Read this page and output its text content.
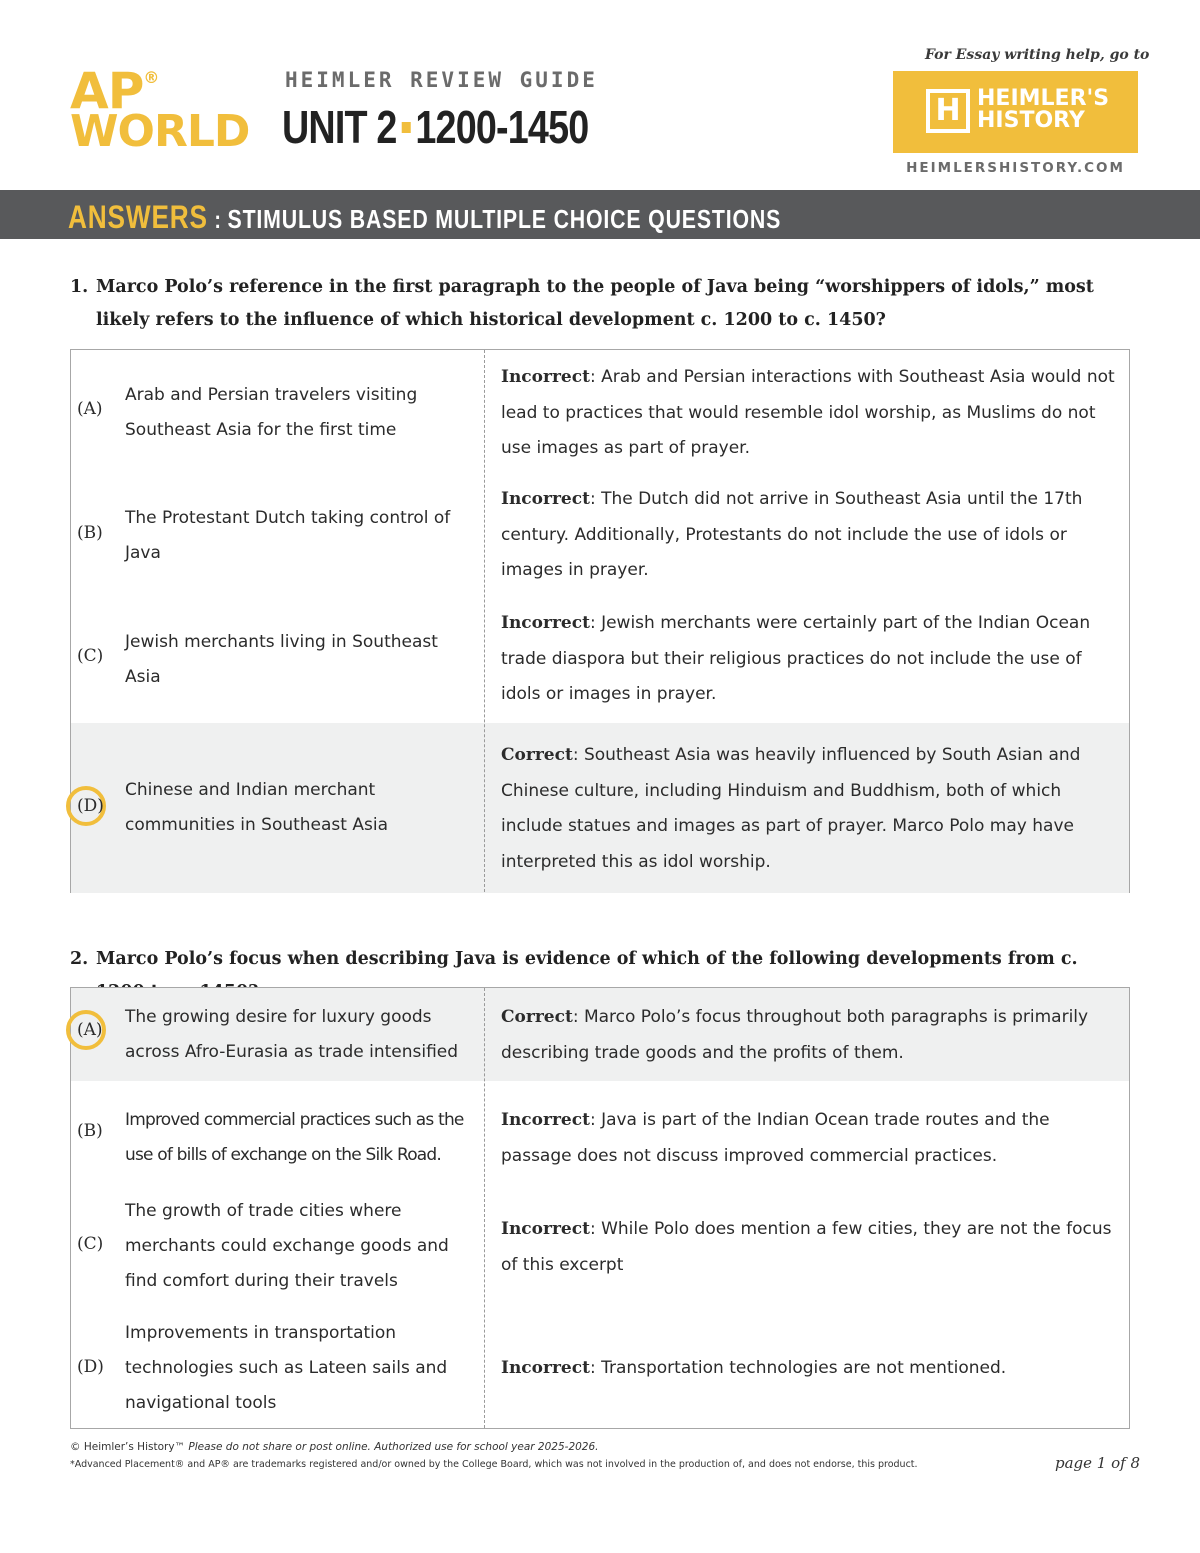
AP®
WORLD
HEIMLER REVIEW GUIDE
UNIT 2 1200-1450
For Essay writing help, go to
H HEIMLER'S
HISTORY
HEIMLERSHISTORY.COM
ANSWERS : STIMULUS BASED MULTIPLE CHOICE QUESTIONS
1. Marco Polo’s reference in the first paragraph to the people of Java being “worshippers of idols,” most likely refers to the influence of which historical development c. 1200 to c. 1450?
(A)
Arab and Persian travelers visiting Southeast Asia for the first time
Incorrect: Arab and Persian interactions with Southeast Asia would not lead to practices that would resemble idol worship, as Muslims do not use images as part of prayer.
(B)
The Protestant Dutch taking control of Java
Incorrect: The Dutch did not arrive in Southeast Asia until the 17th century. Additionally, Protestants do not include the use of idols or images in prayer.
(C)
Jewish merchants living in Southeast Asia
Incorrect: Jewish merchants were certainly part of the Indian Ocean trade diaspora but their religious practices do not include the use of idols or images in prayer.
(D)
Chinese and Indian merchant communities in Southeast Asia
Correct: Southeast Asia was heavily influenced by South Asian and Chinese culture, including Hinduism and Buddhism, both of which include statues and images as part of prayer. Marco Polo may have interpreted this as idol worship.
2. Marco Polo’s focus when describing Java is evidence of which of the following developments from c.
(A)
The growing desire for luxury goods across Afro-Eurasia as trade intensified
Correct: Marco Polo’s focus throughout both paragraphs is primarily describing trade goods and the profits of them.
(B)
Improved commercial practices such as the use of bills of exchange on the Silk Road.
Incorrect: Java is part of the Indian Ocean trade routes and the passage does not discuss improved commercial practices.
(C)
The growth of trade cities where merchants could exchange goods and find comfort during their travels
Incorrect: While Polo does mention a few cities, they are not the focus of this excerpt
(D)
Improvements in transportation technologies such as Lateen sails and navigational tools
Incorrect: Transportation technologies are not mentioned.
© Heimler’s History™ Please do not share or post online. Authorized use for school year 2025-2026.
*Advanced Placement® and AP® are trademarks registered and/or owned by the College Board, which was not involved in the production of, and does not endorse, this product.	page 1 of 8
